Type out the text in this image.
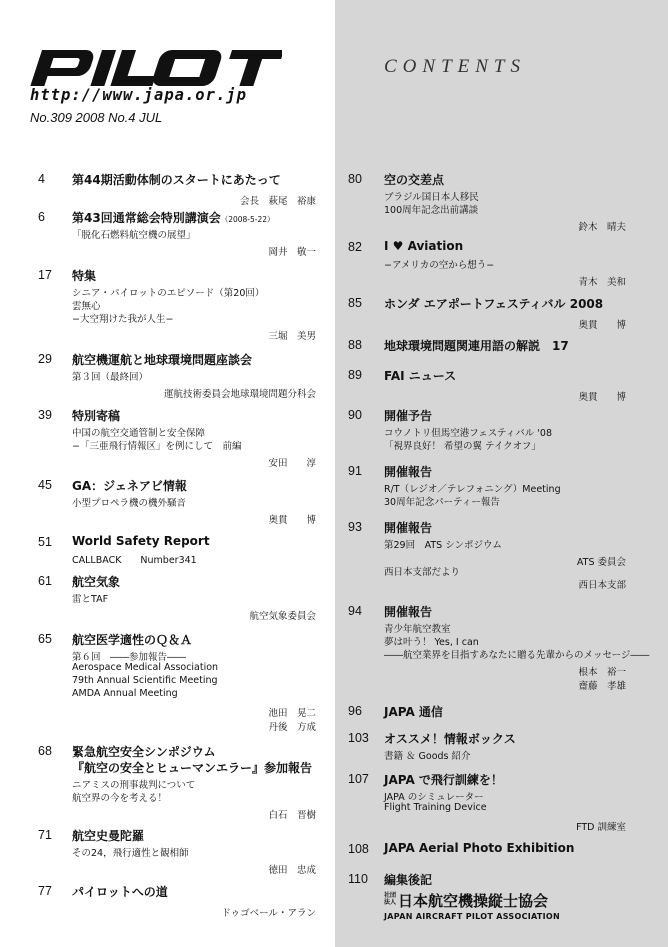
http://www.japa.or.jp
No.309 2008 No.4 JUL
CONTENTS
4 第44期活動体制のスタートにあたって
会長　萩尾　裕康
6 第43回通常総会特別講演会（2008-5-22）
「脱化石燃料航空機の展望」
岡井　敬一
17 特集
シニア・パイロットのエピソード（第20回）
雲無心
−大空翔けた我が人生−
三堀　美男
29 航空機運航と地球環境問題座談会
第３回（最終回）
運航技術委員会地球環境問題分科会
39 特別寄稿
中国の航空交通管制と安全保障
−「三亜飛行情報区」を例にして　前編
安田　　淳
45 GA：ジェネアビ情報
小型プロペラ機の機外騒音
奥貫　　博
51 World Safety Report
CALLBACK　　Number341
61 航空気象
雷とTAF
航空気象委員会
65 航空医学適性のＱ＆Ａ
第６回　――参加報告――
Aerospace Medical Association
79th Annual Scientific Meeting
AMDA Annual Meeting
池田　晃二
丹後　方成
68 緊急航空安全シンポジウム
『航空の安全とヒューマンエラー』参加報告
ニアミスの刑事裁判について
航空界の今を考える！
白石　晋樹
71 航空史曼陀羅
その24，飛行適性と観相師
徳田　忠成
77 パイロットへの道
ドゥゴベール・アラン
80 空の交差点
ブラジル国日本人移民
100周年記念出前講談
鈴木　晴夫
82 I ♥ Aviation
−アメリカの空から想う−
青木　美和
85 ホンダ エアポートフェスティバル 2008
奥貫　　博
88 地球環境問題関連用語の解説　17
89 FAI ニュース
奥貫　　博
90 開催予告
コウノトリ但馬空港フェスティバル '08
「視界良好！ 希望の翼 テイクオフ」
91 開催報告
R/T（レジオ／テレフォニング）Meeting
30周年記念パーティー報告
93 開催報告
第29回　ATS シンポジウム
ATS 委員会
西日本支部だより
西日本支部
94 開催報告
青少年航空教室
夢は叶う！ Yes, I can
――航空業界を目指すあなたに贈る先輩からのメッセージ――
根本　裕一
齋藤　孝雄
96 JAPA 通信
103 オススメ！情報ボックス
書籍 ＆ Goods 紹介
107 JAPA で飛行訓練を！
JAPA のシミュレーター
Flight Training Device
FTD 訓練室
108 JAPA Aerial Photo Exhibition
110 編集後記
社団法人 日本航空機操縦士協会
JAPAN AIRCRAFT PILOT ASSOCIATION
